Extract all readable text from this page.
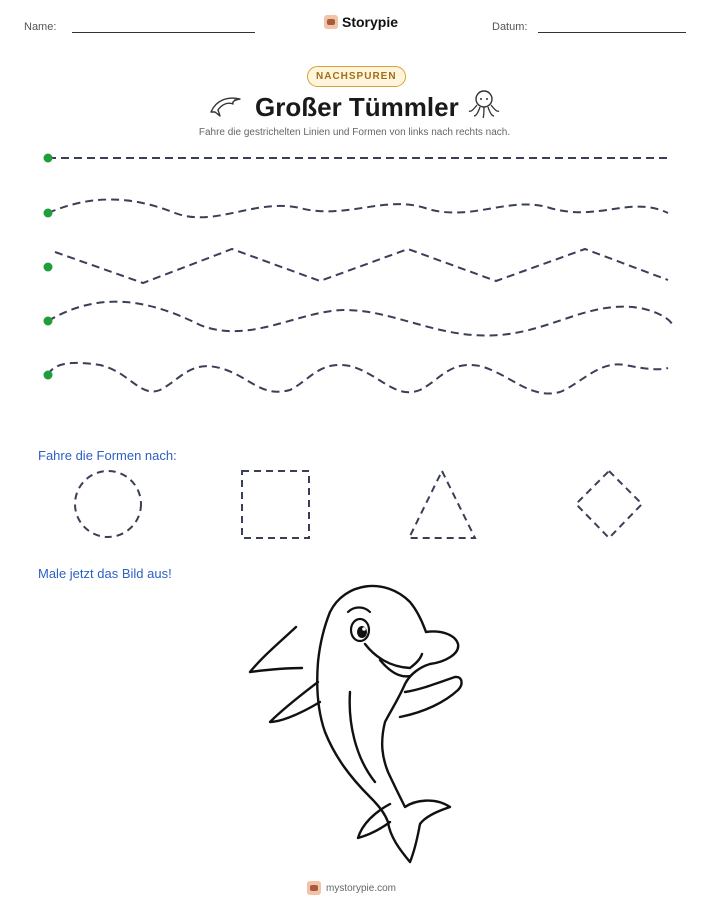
Name:	Storypie	Datum:
NACHSPUREN
Großer Tümmler
Fahre die gestrichelten Linien und Formen von links nach rechts nach.
Fahre die Formen nach:
Male jetzt das Bild aus!
mystorypie.com
